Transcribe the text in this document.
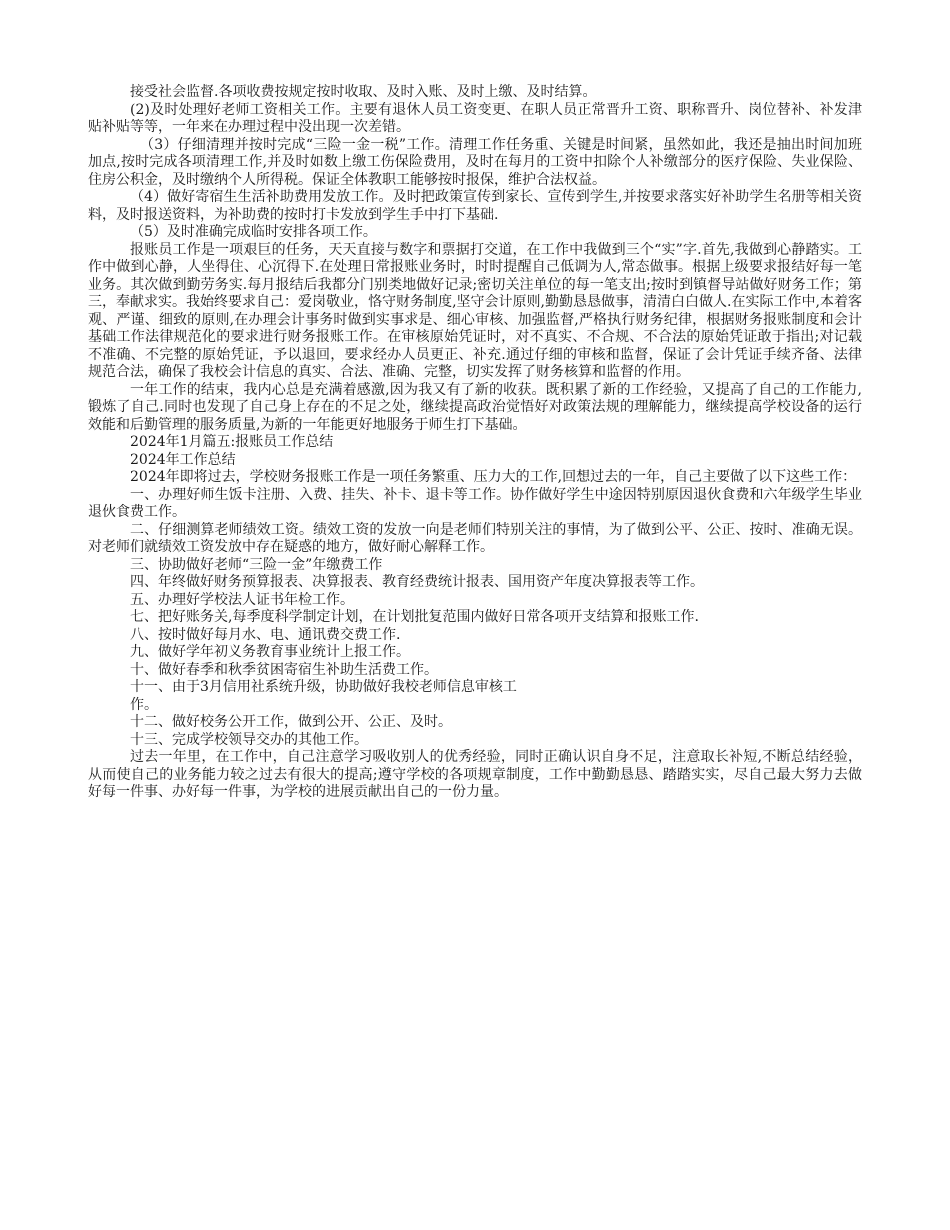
接受社会监督.各项收费按规定按时收取、及时入账、及时上缴、及时结算。

(2)及时处理好老师工资相关工作。主要有退休人员工资变更、在职人员正常晋升工资、职称晋升、岗位替补、补发津贴补贴等等，一年来在办理过程中没出现一次差错。

（3）仔细清理并按时完成“三险一金一税”工作。清理工作任务重、关键是时间紧，虽然如此，我还是抽出时间加班加点,按时完成各项清理工作,并及时如数上缴工伤保险费用，及时在每月的工资中扣除个人补缴部分的医疗保险、失业保险、住房公积金，及时缴纳个人所得税。保证全体教职工能够按时报保，维护合法权益。

（4）做好寄宿生生活补助费用发放工作。及时把政策宣传到家长、宣传到学生,并按要求落实好补助学生名册等相关资料，及时报送资料，为补助费的按时打卡发放到学生手中打下基础.

（5）及时准确完成临时安排各项工作。

报账员工作是一项艰巨的任务，天天直接与数字和票据打交道，在工作中我做到三个“实”字.首先,我做到心静踏实。工作中做到心静，人坐得住、心沉得下.在处理日常报账业务时，时时提醒自己低调为人,常态做事。根据上级要求报结好每一笔业务。其次做到勤劳务实.每月报结后我都分门别类地做好记录;密切关注单位的每一笔支出;按时到镇督导站做好财务工作；第三，奉献求实。我始终要求自己：爱岗敬业，恪守财务制度,坚守会计原则,勤勤恳恳做事，清清白白做人.在实际工作中,本着客观、严谨、细致的原则,在办理会计事务时做到实事求是、细心审核、加强监督,严格执行财务纪律，根据财务报账制度和会计基础工作法律规范化的要求进行财务报账工作。在审核原始凭证时，对不真实、不合规、不合法的原始凭证敢于指出;对记载不准确、不完整的原始凭证，予以退回，要求经办人员更正、补充.通过仔细的审核和监督，保证了会计凭证手续齐备、法律规范合法，确保了我校会计信息的真实、合法、准确、完整，切实发挥了财务核算和监督的作用。

一年工作的结束，我内心总是充满着感激,因为我又有了新的收获。既积累了新的工作经验，又提高了自己的工作能力,锻炼了自己.同时也发现了自己身上存在的不足之处，继续提高政治觉悟好对政策法规的理解能力，继续提高学校设备的运行效能和后勤管理的服务质量,为新的一年能更好地服务于师生打下基础。

2024年1月篇五:报账员工作总结

2024年工作总结

2024年即将过去，学校财务报账工作是一项任务繁重、压力大的工作,回想过去的一年，自己主要做了以下这些工作：

一、办理好师生饭卡注册、入费、挂失、补卡、退卡等工作。协作做好学生中途因特别原因退伙食费和六年级学生毕业退伙食费工作。

二、仔细测算老师绩效工资。绩效工资的发放一向是老师们特别关注的事情，为了做到公平、公正、按时、准确无误。对老师们就绩效工资发放中存在疑惑的地方，做好耐心解释工作。

三、协助做好老师“三险一金”年缴费工作

四、年终做好财务预算报表、决算报表、教育经费统计报表、国用资产年度决算报表等工作。

五、办理好学校法人证书年检工作。

七、把好账务关,每季度科学制定计划，在计划批复范围内做好日常各项开支结算和报账工作.

八、按时做好每月水、电、通讯费交费工作.

九、做好学年初义务教育事业统计上报工作。

十、做好春季和秋季贫困寄宿生补助生活费工作。

十一、由于3月信用社系统升级，协助做好我校老师信息审核工

作。

十二、做好校务公开工作，做到公开、公正、及时。

十三、完成学校领导交办的其他工作。

过去一年里，在工作中，自己注意学习吸收别人的优秀经验，同时正确认识自身不足，注意取长补短,不断总结经验，从而使自己的业务能力较之过去有很大的提高;遵守学校的各项规章制度，工作中勤勤恳恳、踏踏实实，尽自己最大努力去做好每一件事、办好每一件事，为学校的进展贡献出自己的一份力量。
